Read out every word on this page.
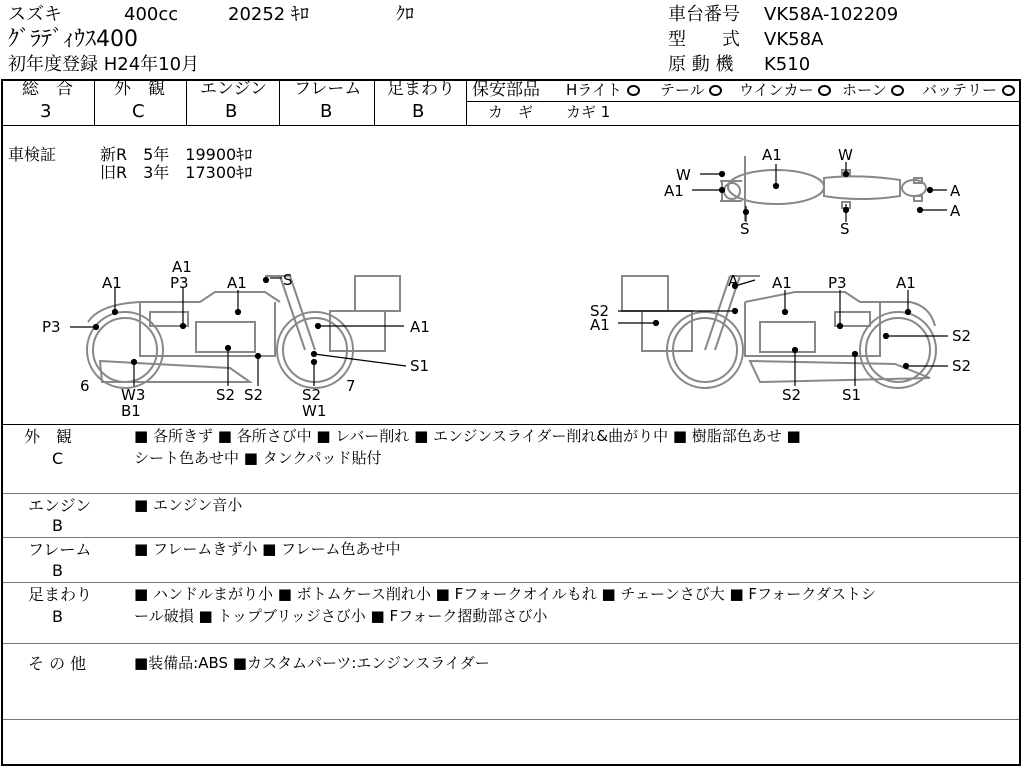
スズキ	400cc	20252 ｷﾛ	ｸﾛ
ｸﾞﾗﾃﾞｨｳｽ400
初年度登録 H24年10月
車台番号 VK58A-102209
型　　式 VK58A
原 動 機 K510
総　合
3
外　観
C
エンジン
B
フレーム
B
足まわり
B
保安部品 Hライト	テール	ウインカー	ホーン	バッテリー
カ　ギ カギ 1
車検証	新R　5年　19900ｷﾛ
旧R　3年　17300ｷﾛ	W
A1
A1	W
A
A
S	S
A1
A1	P3	A1 S
P3	A1
6 W3
B1
S2 S2	S2
W1
S1
7
A A1 P3	A1
S2
A1
S2
S2
S2	S1
外　観
C
■ 各所きず ■ 各所さび中 ■ レバー削れ ■ エンジンスライダー削れ&曲がり中 ■ 樹脂部色あせ ■
シート色あせ中 ■ タンクパッド貼付
エンジン
B
■ エンジン音小
フレーム
B
■ フレームきず小 ■ フレーム色あせ中
足まわり
B
■ ハンドルまがり小 ■ ボトムケース削れ小 ■ Fフォークオイルもれ ■ チェーンさび大 ■ Fフォークダストシ
ール破損 ■ トップブリッジさび小 ■ Fフォーク摺動部さび小
そ の 他	■装備品:ABS ■カスタムパーツ:エンジンスライダー
